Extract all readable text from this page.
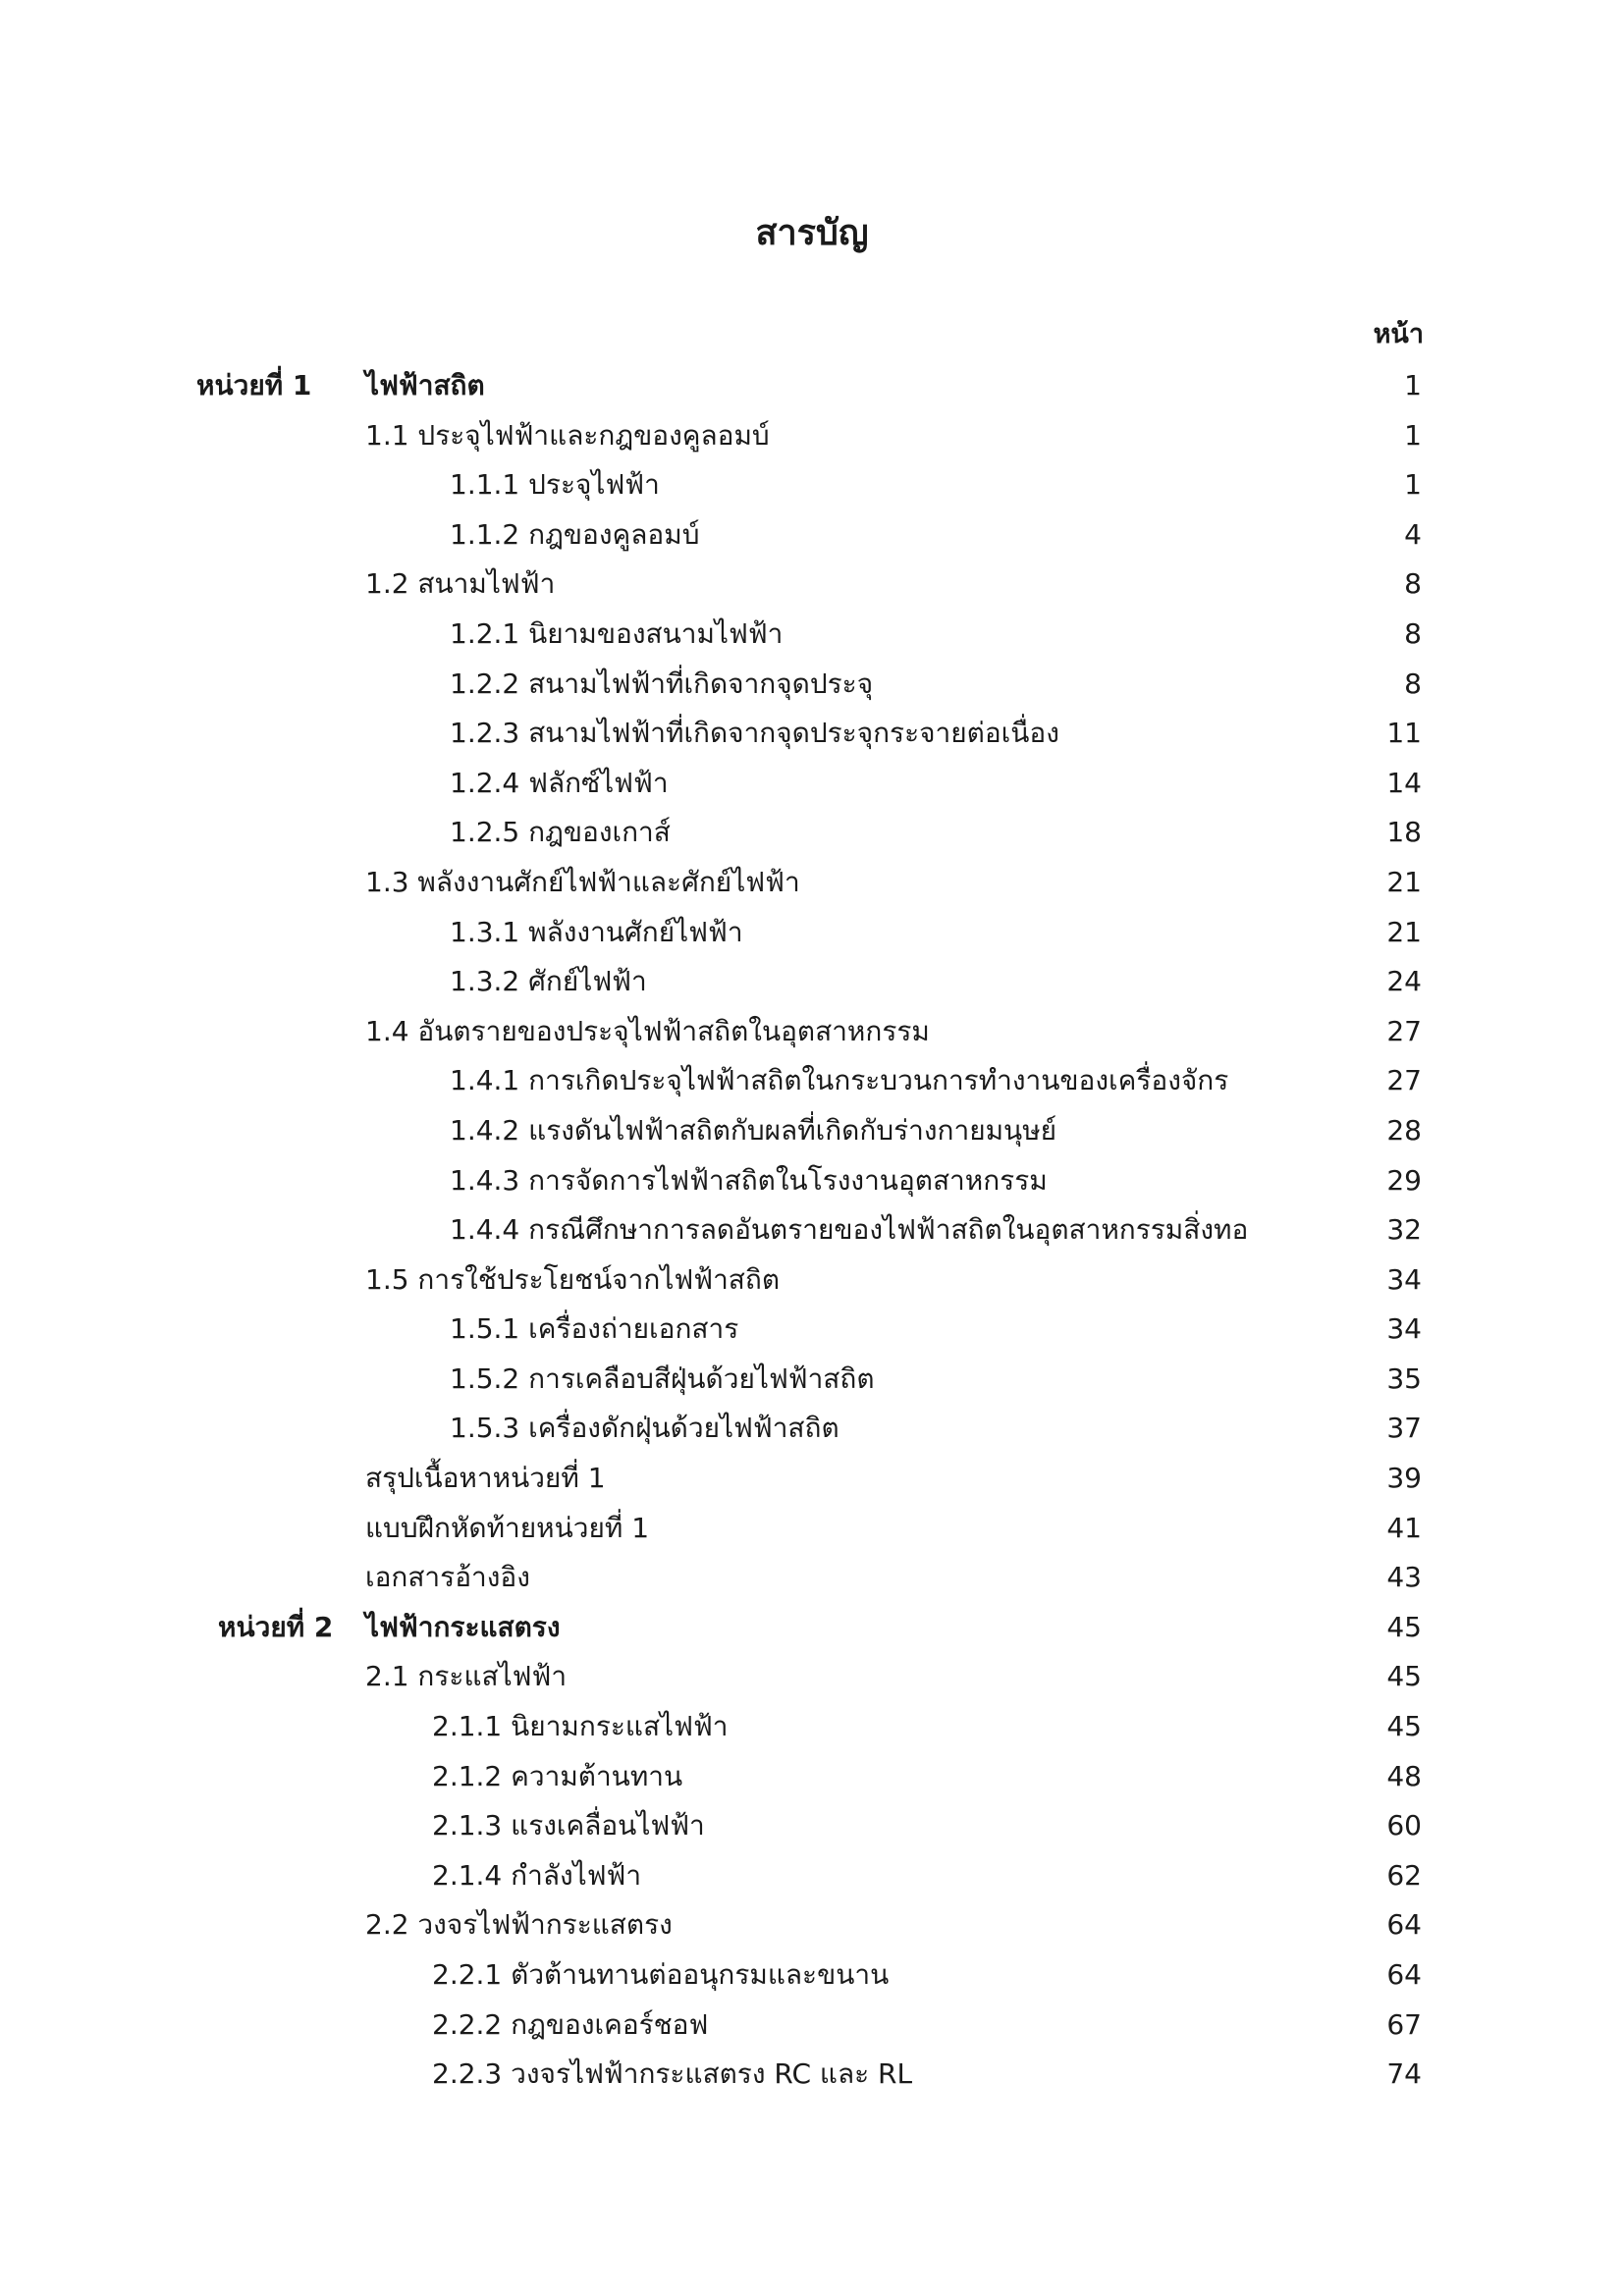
สารบัญ
หน้า
หน่วยที่ 1 ไฟฟ้าสถิต	1
1.1 ประจุไฟฟ้าและกฎของคูลอมบ์	1
1.1.1 ประจุไฟฟ้า	1
1.1.2 กฎของคูลอมบ์	4
1.2 สนามไฟฟ้า	8
1.2.1 นิยามของสนามไฟฟ้า	8
1.2.2 สนามไฟฟ้าที่เกิดจากจุดประจุ	8
1.2.3 สนามไฟฟ้าที่เกิดจากจุดประจุกระจายต่อเนื่อง	11
1.2.4 ฟลักซ์ไฟฟ้า	14
1.2.5 กฎของเกาส์	18
1.3 พลังงานศักย์ไฟฟ้าและศักย์ไฟฟ้า	21
1.3.1 พลังงานศักย์ไฟฟ้า	21
1.3.2 ศักย์ไฟฟ้า	24
1.4 อันตรายของประจุไฟฟ้าสถิตในอุตสาหกรรม	27
1.4.1 การเกิดประจุไฟฟ้าสถิตในกระบวนการทำงานของเครื่องจักร	27
1.4.2 แรงดันไฟฟ้าสถิตกับผลที่เกิดกับร่างกายมนุษย์	28
1.4.3 การจัดการไฟฟ้าสถิตในโรงงานอุตสาหกรรม	29
1.4.4 กรณีศึกษาการลดอันตรายของไฟฟ้าสถิตในอุตสาหกรรมสิ่งทอ	32
1.5 การใช้ประโยชน์จากไฟฟ้าสถิต	34
1.5.1 เครื่องถ่ายเอกสาร	34
1.5.2 การเคลือบสีฝุ่นด้วยไฟฟ้าสถิต	35
1.5.3 เครื่องดักฝุ่นด้วยไฟฟ้าสถิต	37
สรุปเนื้อหาหน่วยที่ 1	39
แบบฝึกหัดท้ายหน่วยที่ 1	41
เอกสารอ้างอิง	43
หน่วยที่ 2 ไฟฟ้ากระแสตรง	45
2.1 กระแสไฟฟ้า	45
2.1.1 นิยามกระแสไฟฟ้า	45
2.1.2 ความต้านทาน	48
2.1.3 แรงเคลื่อนไฟฟ้า	60
2.1.4 กำลังไฟฟ้า	62
2.2 วงจรไฟฟ้ากระแสตรง	64
2.2.1 ตัวต้านทานต่ออนุกรมและขนาน	64
2.2.2 กฎของเคอร์ชอฟ	67
2.2.3 วงจรไฟฟ้ากระแสตรง RC และ RL	74
